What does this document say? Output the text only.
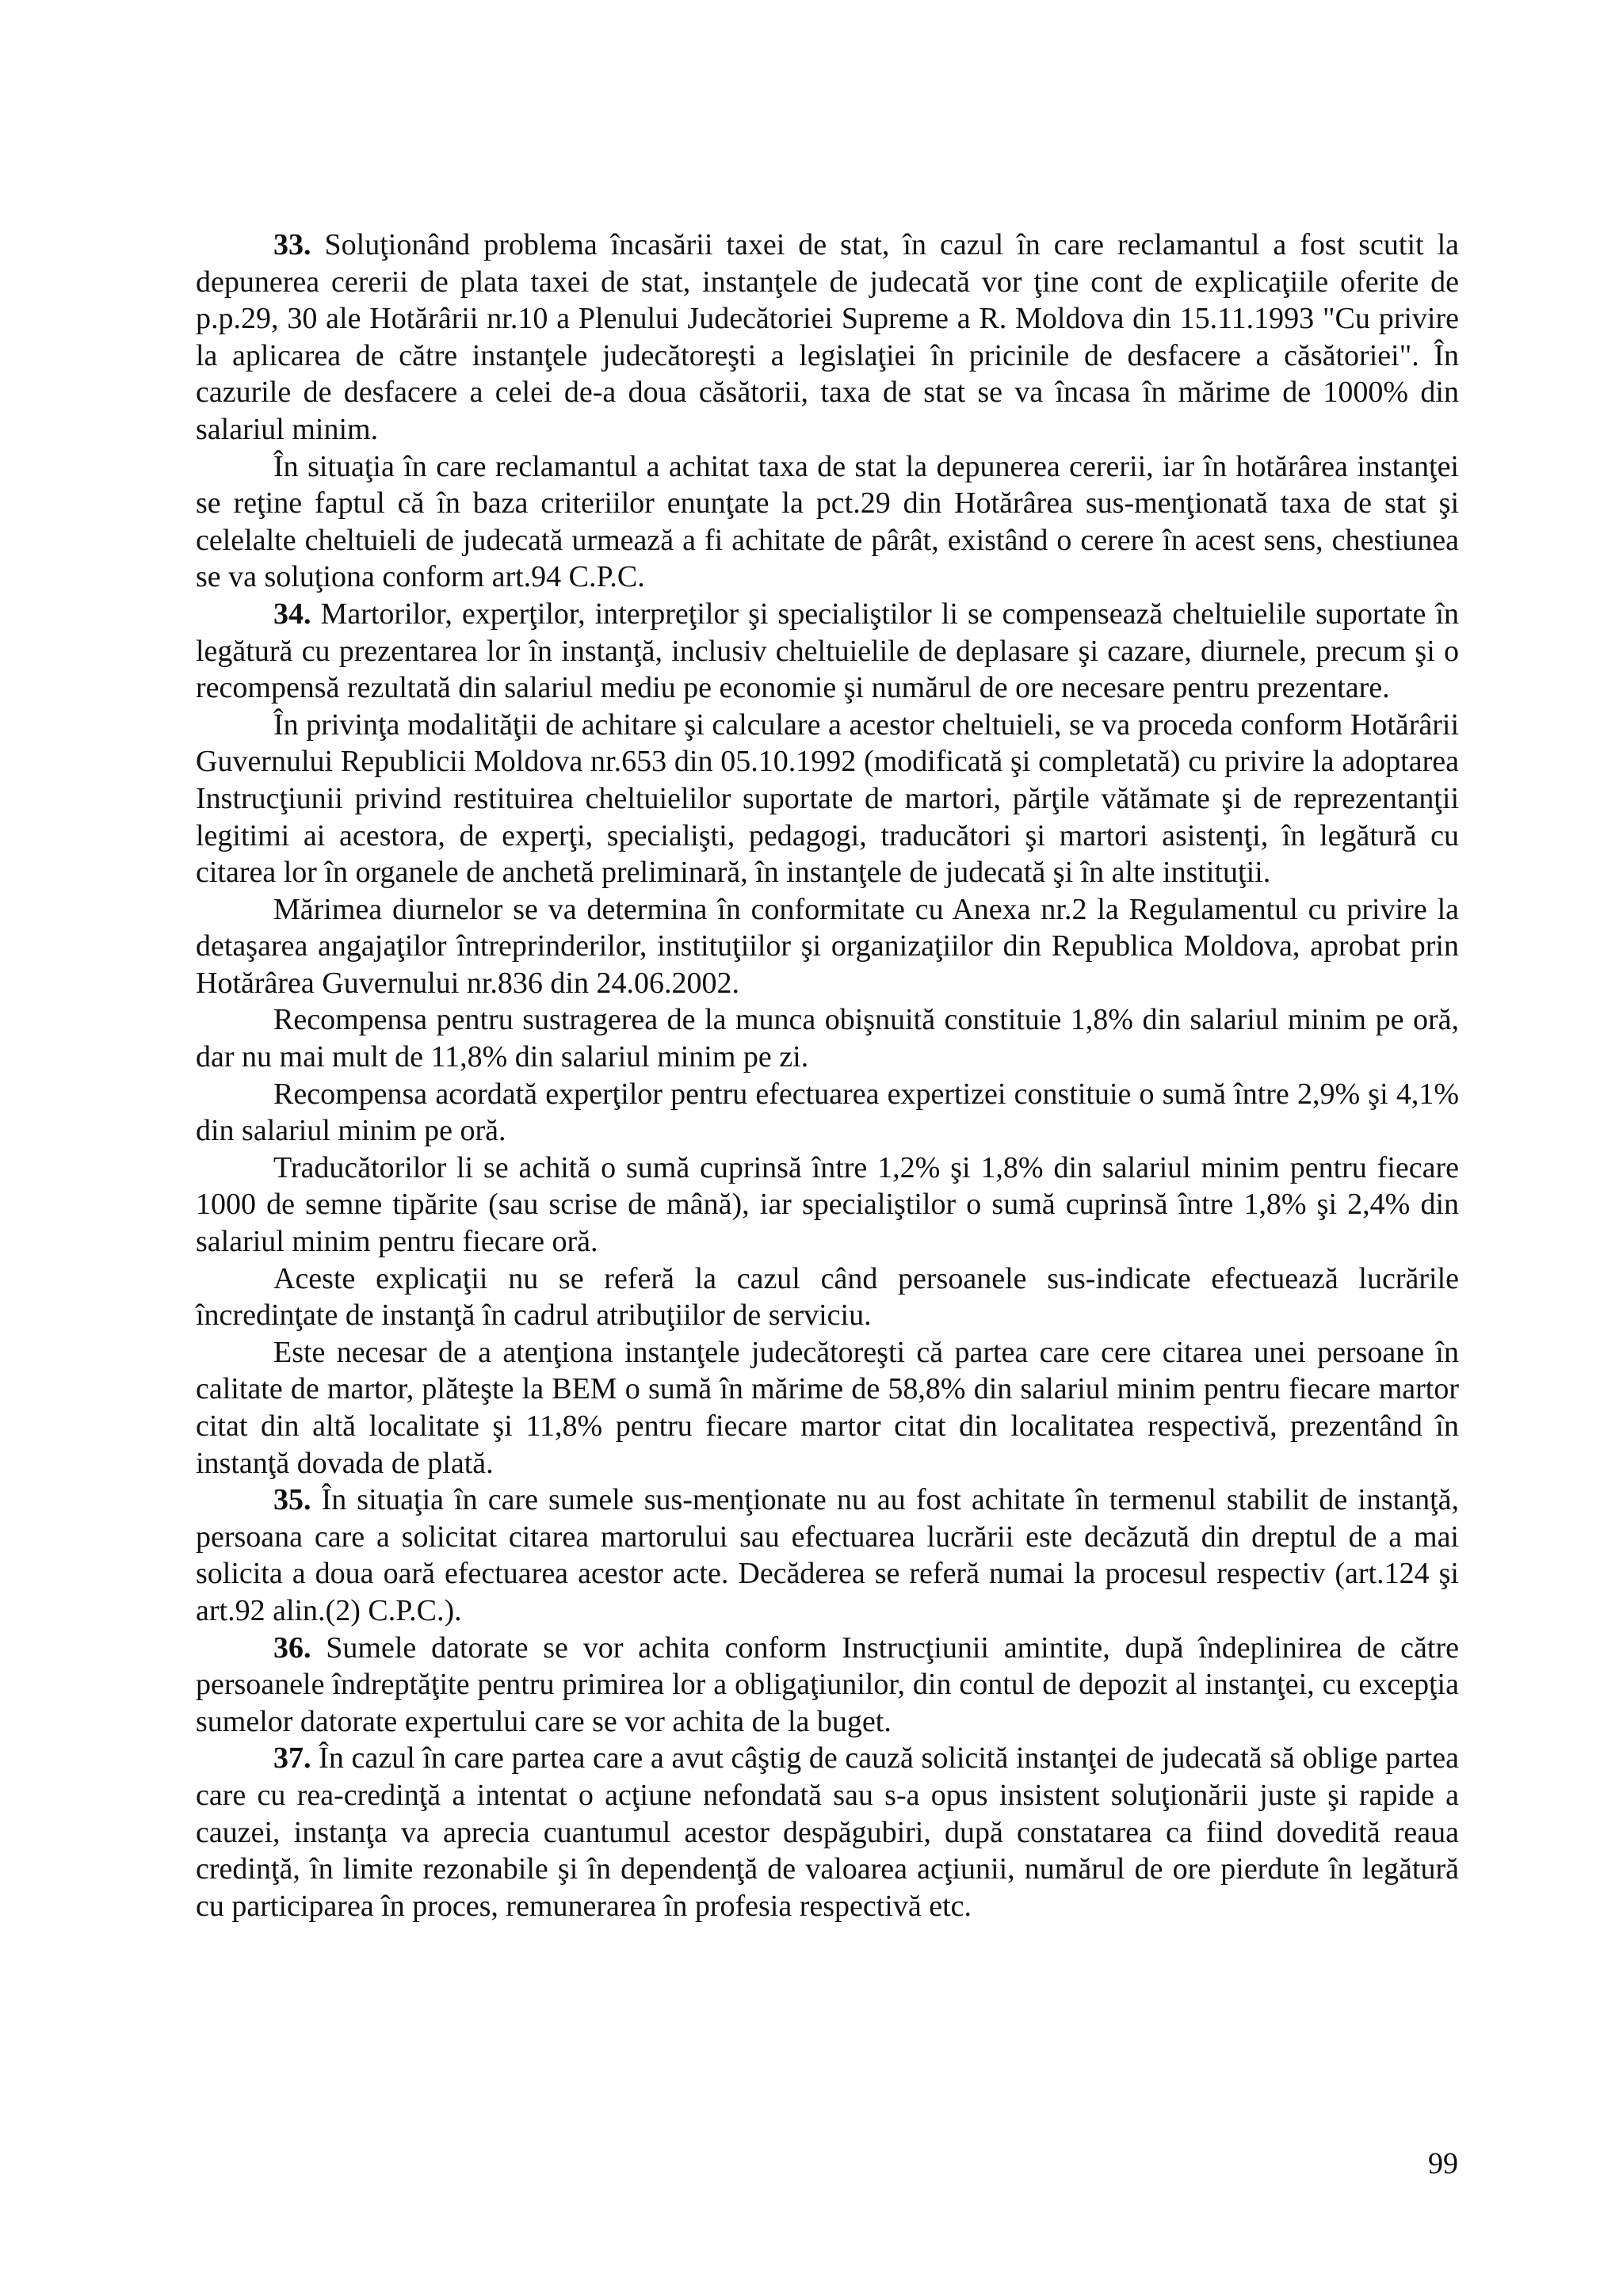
33. Soluţionând problema încasării taxei de stat, în cazul în care reclamantul a fost scutit la depunerea cererii de plata taxei de stat, instanţele de judecată vor ţine cont de explicaţiile oferite de p.p.29, 30 ale Hotărârii nr.10 a Plenului Judecătoriei Supreme a R. Moldova din 15.11.1993 "Cu privire la aplicarea de către instanţele judecătoreşti a legislaţiei în pricinile de desfacere a căsătoriei". În cazurile de desfacere a celei de-a doua căsătorii, taxa de stat se va încasa în mărime de 1000% din salariul minim.

În situaţia în care reclamantul a achitat taxa de stat la depunerea cererii, iar în hotărârea instanţei se reţine faptul că în baza criteriilor enunţate la pct.29 din Hotărârea sus-menţionată taxa de stat şi celelalte cheltuieli de judecată urmează a fi achitate de pârât, existând o cerere în acest sens, chestiunea se va soluţiona conform art.94 C.P.C.

34. Martorilor, experţilor, interpreţilor şi specialiştilor li se compensează cheltuielile suportate în legătură cu prezentarea lor în instanţă, inclusiv cheltuielile de deplasare şi cazare, diurnele, precum şi o recompensă rezultată din salariul mediu pe economie şi numărul de ore necesare pentru prezentare.

În privinţa modalităţii de achitare şi calculare a acestor cheltuieli, se va proceda conform Hotărârii Guvernului Republicii Moldova nr.653 din 05.10.1992 (modificată şi completată) cu privire la adoptarea Instrucţiunii privind restituirea cheltuielilor suportate de martori, părţile vătămate şi de reprezentanţii legitimi ai acestora, de experţi, specialişti, pedagogi, traducători şi martori asistenţi, în legătură cu citarea lor în organele de anchetă preliminară, în instanţele de judecată şi în alte instituţii.

Mărimea diurnelor se va determina în conformitate cu Anexa nr.2 la Regulamentul cu privire la detaşarea angajaţilor întreprinderilor, instituţiilor şi organizaţiilor din Republica Moldova, aprobat prin Hotărârea Guvernului nr.836 din 24.06.2002.

Recompensa pentru sustragerea de la munca obişnuită constituie 1,8% din salariul minim pe oră, dar nu mai mult de 11,8% din salariul minim pe zi.

Recompensa acordată experţilor pentru efectuarea expertizei constituie o sumă între 2,9% şi 4,1% din salariul minim pe oră.

Traducătorilor li se achită o sumă cuprinsă între 1,2% şi 1,8% din salariul minim pentru fiecare 1000 de semne tipărite (sau scrise de mână), iar specialiştilor o sumă cuprinsă între 1,8% şi 2,4% din salariul minim pentru fiecare oră.

Aceste explicaţii nu se referă la cazul când persoanele sus-indicate efectuează lucrările încredinţate de instanţă în cadrul atribuţiilor de serviciu.

Este necesar de a atenţiona instanţele judecătoreşti că partea care cere citarea unei persoane în calitate de martor, plăteşte la BEM o sumă în mărime de 58,8% din salariul minim pentru fiecare martor citat din altă localitate şi 11,8% pentru fiecare martor citat din localitatea respectivă, prezentând în instanţă dovada de plată.

35. În situaţia în care sumele sus-menţionate nu au fost achitate în termenul stabilit de instanţă, persoana care a solicitat citarea martorului sau efectuarea lucrării este decăzută din dreptul de a mai solicita a doua oară efectuarea acestor acte. Decăderea se referă numai la procesul respectiv (art.124 şi art.92 alin.(2) C.P.C.).

36. Sumele datorate se vor achita conform Instrucţiunii amintite, după îndeplinirea de către persoanele îndreptăţite pentru primirea lor a obligaţiunilor, din contul de depozit al instanţei, cu excepţia sumelor datorate expertului care se vor achita de la buget.

37. În cazul în care partea care a avut câştig de cauză solicită instanţei de judecată să oblige partea care cu rea-credinţă a intentat o acţiune nefondată sau s-a opus insistent soluţionării juste şi rapide a cauzei, instanţa va aprecia cuantumul acestor despăgubiri, după constatarea ca fiind dovedită reaua credinţă, în limite rezonabile şi în dependenţă de valoarea acţiunii, numărul de ore pierdute în legătură cu participarea în proces, remunerarea în profesia respectivă etc.

99
